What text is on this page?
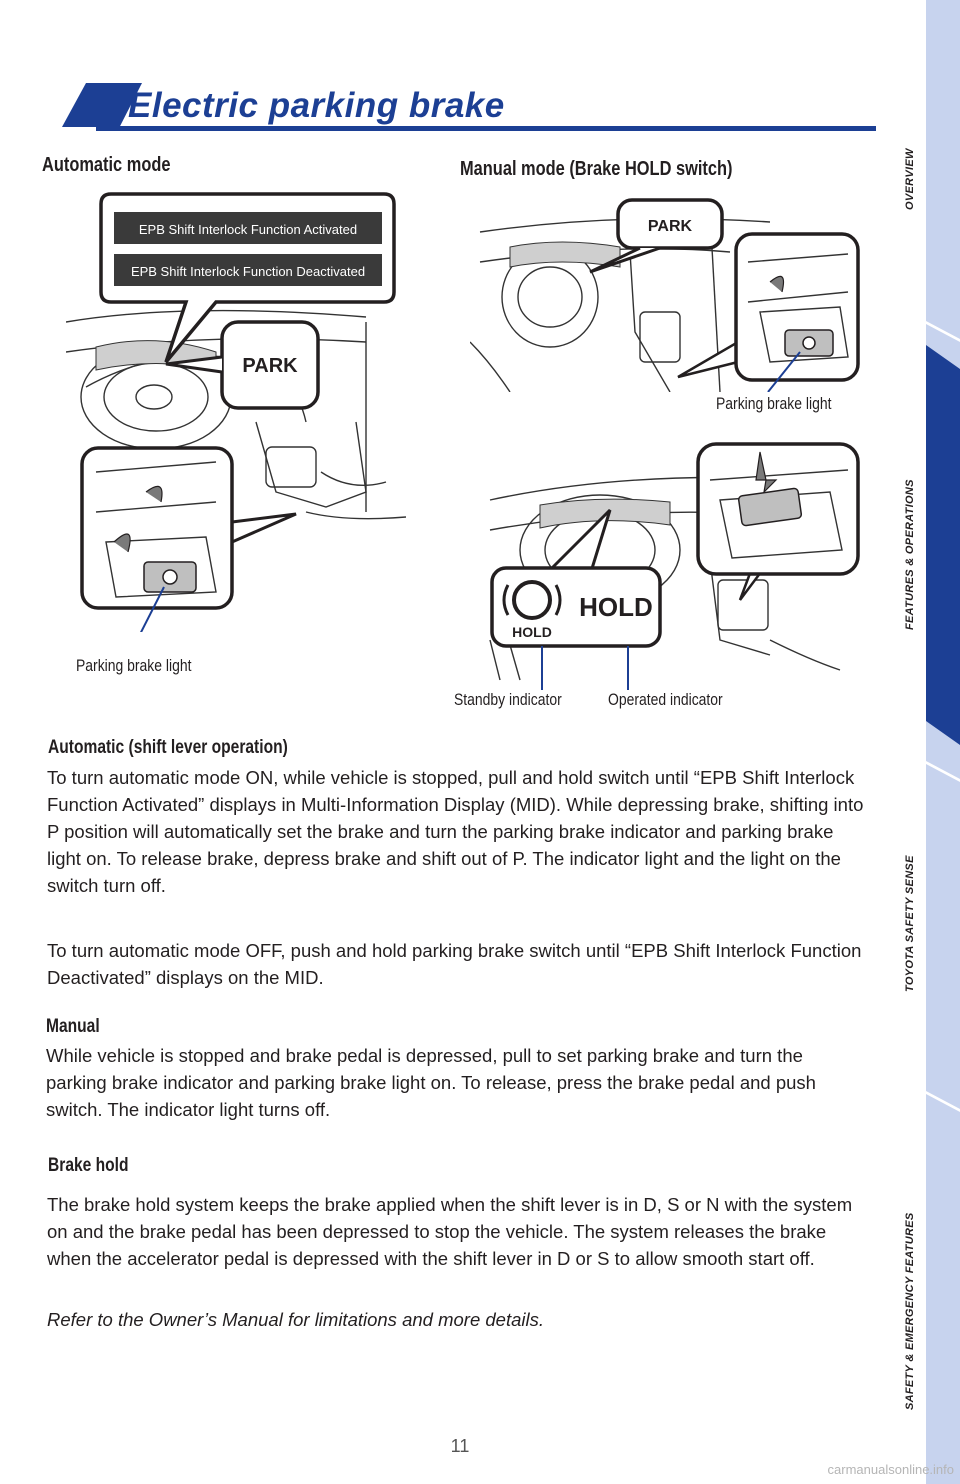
Electric parking brake
OVERVIEW
FEATURES & OPERATIONS
TOYOTA SAFETY SENSE
SAFETY & EMERGENCY FEATURES
Automatic mode
EPB Shift Interlock Function Activated
EPB Shift Interlock Function Deactivated
PARK
Parking brake light
Manual mode (Brake HOLD switch)
PARK
Parking brake light
HOLD
HOLD
Standby indicator	Operated indicator
Automatic (shift lever operation)
To turn automatic mode ON, while vehicle is stopped, pull and hold switch until “EPB Shift Interlock Function Activated” displays in Multi-Information Display (MID). While depressing brake, shifting into P position will automatically set the brake and turn the parking brake indicator and parking brake light on. To release brake, depress brake and shift out of P. The indicator light and the light on the switch turn off.
To turn automatic mode OFF, push and hold parking brake switch until “EPB Shift Interlock Function Deactivated” displays on the MID.
Manual
While vehicle is stopped and brake pedal is depressed, pull to set parking brake and turn the parking brake indicator and parking brake light on. To release, press the brake pedal and push switch. The indicator light turns off.
Brake hold
The brake hold system keeps the brake applied when the shift lever is in D, S or N with the system on and the brake pedal has been depressed to stop the vehicle. The system releases the brake when the accelerator pedal is depressed with the shift lever in D or S to allow smooth start off.
Refer to the Owner’s Manual for limitations and more details.
11
carmanualsonline.info
